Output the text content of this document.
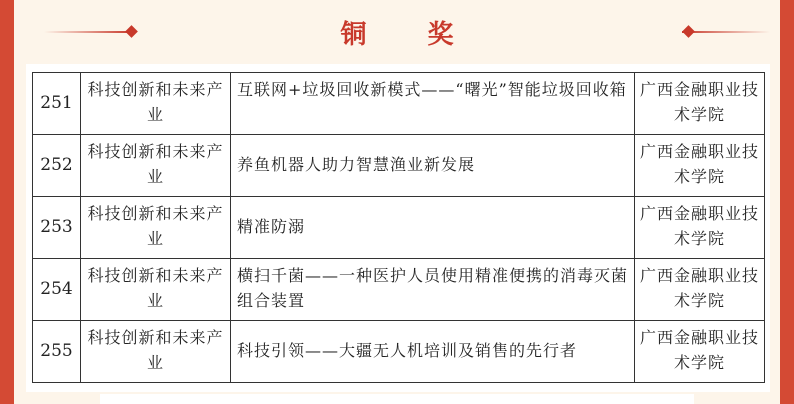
铜 奖
251	科技创新和未来产业	互联网+垃圾回收新模式——“曙光”智能垃圾回收箱	广西金融职业技术学院
252	科技创新和未来产业	养鱼机器人助力智慧渔业新发展	广西金融职业技术学院
253	科技创新和未来产业	精准防溺	广西金融职业技术学院
254	科技创新和未来产业	横扫千菌——一种医护人员使用精准便携的消毒灭菌组合装置	广西金融职业技术学院
255	科技创新和未来产业	科技引领——大疆无人机培训及销售的先行者	广西金融职业技术学院
